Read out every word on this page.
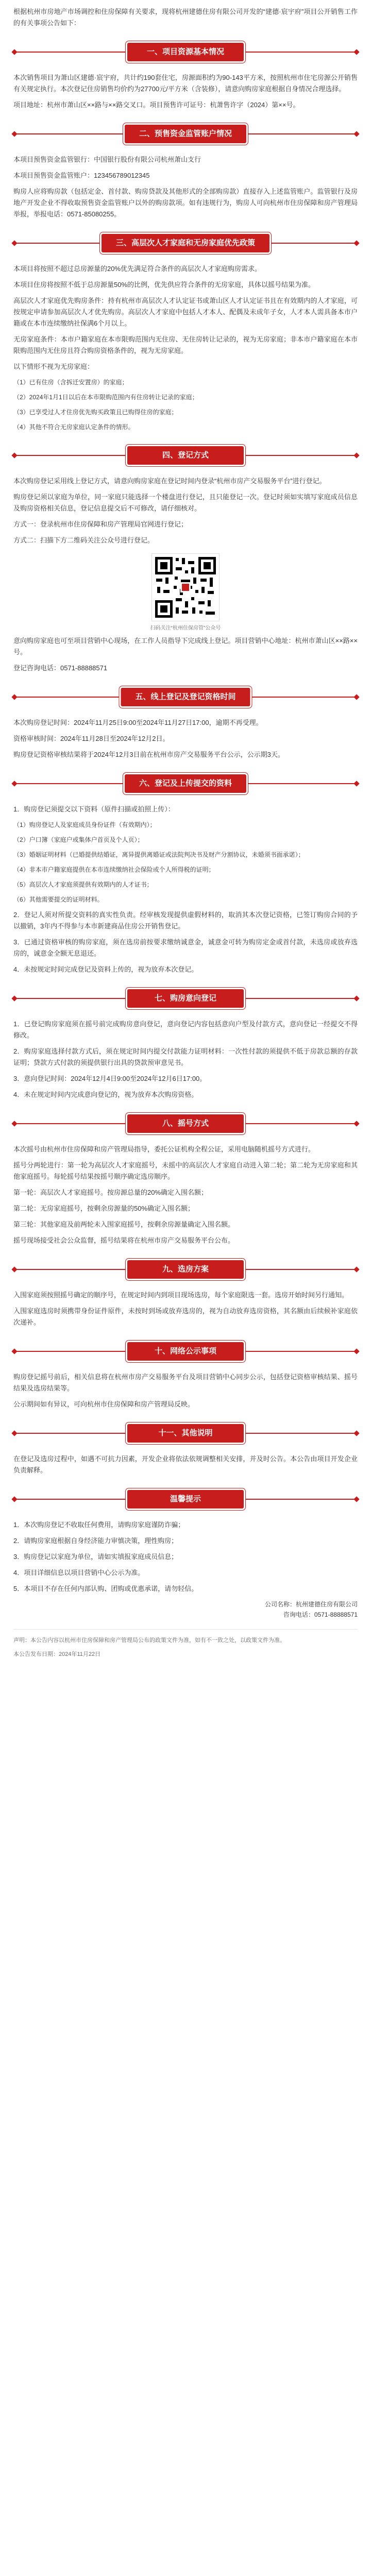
根据杭州市房地产市场调控和住房保障有关要求，现将杭州建德住房有限公司开发的“建德·宸宇府”项目公开销售工作的有关事项公告如下：

一、项目资源基本情况

本次销售项目为萧山区建德·宸宇府，共计约190套住宅，房源面积约为90-143平方米，按照杭州市住宅房源公开销售有关规定执行。本次登记住房销售均价约为27700元/平方米（含装修），请意向购房家庭根据自身情况合理选择。

项目地址：杭州市萧山区××路与××路交叉口。项目预售许可证号：杭萧售许字（2024）第××号。

二、预售资金监管账户情况

本项目预售资金监管银行：中国银行股份有限公司杭州萧山支行

本项目预售资金监管账户：123456789012345

购房人应将购房款（包括定金、首付款、购房贷款及其他形式的全部购房款）直接存入上述监管账户。监管银行及房地产开发企业不得收取预售资金监管账户以外的购房款项。如有违规行为，购房人可向杭州市住房保障和房产管理局举报，举报电话：0571-85080255。

三、高层次人才家庭和无房家庭优先政策

本项目将按照不超过总房源量的20%优先满足符合条件的高层次人才家庭购房需求。

本项目住房将按照不低于总房源量50%的比例，优先供应符合条件的无房家庭，具体以摇号结果为准。

高层次人才家庭优先购房条件：持有杭州市高层次人才认定证书或萧山区人才认定证书且在有效期内的人才家庭，可按规定申请参加高层次人才优先购房。高层次人才家庭中包括人才本人、配偶及未成年子女，人才本人需具备本市户籍或在本市连续缴纳社保满6个月以上。

无房家庭条件：本市户籍家庭在本市限购范围内无住房、无住房转让记录的，视为无房家庭；非本市户籍家庭在本市限购范围内无住房且符合购房资格条件的，视为无房家庭。

以下情形不视为无房家庭：

（1）已有住房（含拆迁安置房）的家庭；

（2）2024年1月1日以后在本市限购范围内有住房转让记录的家庭；

（3）已享受过人才住房优先购买政策且已购得住房的家庭；

（4）其他不符合无房家庭认定条件的情形。

四、登记方式

本次购房登记采用线上登记方式，请意向购房家庭在登记时间内登录“杭州市房产交易服务平台”进行登记。

购房登记须以家庭为单位，同一家庭只能选择一个楼盘进行登记，且只能登记一次。登记时须如实填写家庭成员信息及购房资格相关信息，登记信息提交后不可修改，请仔细核对。

方式一：登录杭州市住房保障和房产管理局官网进行登记；

方式二：扫描下方二维码关注公众号进行登记。

扫码关注“杭州住保房管”公众号

意向购房家庭也可至项目营销中心现场，在工作人员指导下完成线上登记。项目营销中心地址：杭州市萧山区××路××号。

登记咨询电话：0571-88888571

五、线上登记及登记资格时间

本次购房登记时间：2024年11月25日9:00至2024年11月27日17:00，逾期不再受理。

资格审核时间：2024年11月28日至2024年12月2日。

购房登记资格审核结果将于2024年12月3日前在杭州市房产交易服务平台公示，公示期3天。

六、登记及上传提交的资料

1．购房登记须提交以下资料（原件扫描或拍照上传）：

（1）购房登记人及家庭成员身份证件（有效期内）；

（2）户口簿（家庭户或集体户首页及个人页）；

（3）婚姻证明材料（已婚提供结婚证，离异提供离婚证或法院判决书及财产分割协议，未婚须书面承诺）；

（4）非本市户籍家庭提供在本市连续缴纳社会保险或个人所得税的证明；

（5）高层次人才家庭须提供有效期内的人才证书；

（6）其他需要提交的证明材料。

2．登记人须对所提交资料的真实性负责。经审核发现提供虚假材料的，取消其本次登记资格，已签订购房合同的予以撤销，3年内不得参与本市新建商品住房公开销售登记。

3．已通过资格审核的购房家庭，须在选房前按要求缴纳诚意金，诚意金可转为购房定金或首付款，未选房或放弃选房的，诚意金全额无息退还。

4．未按规定时间完成登记及资料上传的，视为放弃本次登记。

七、购房意向登记

1．已登记购房家庭须在摇号前完成购房意向登记，意向登记内容包括意向户型及付款方式，意向登记一经提交不得修改。

2．购房家庭选择付款方式后，须在规定时间内提交付款能力证明材料：一次性付款的须提供不低于房款总额的存款证明；贷款方式付款的须提供银行出具的贷款预审意见书。

3．意向登记时间：2024年12月4日9:00至2024年12月6日17:00。

4．未在规定时间内完成意向登记的，视为放弃本次购房资格。

八、摇号方式

本次摇号由杭州市住房保障和房产管理局指导，委托公证机构全程公证，采用电脑随机摇号方式进行。

摇号分两轮进行：第一轮为高层次人才家庭摇号，未摇中的高层次人才家庭自动进入第二轮；第二轮为无房家庭和其他家庭摇号。每轮摇号结果按摇号顺序确定选房顺序。

第一轮：高层次人才家庭摇号。按房源总量的20%确定入围名额；

第二轮：无房家庭摇号，按剩余房源量的50%确定入围名额；

第三轮：其他家庭及前两轮未入围家庭摇号，按剩余房源量确定入围名额。

摇号现场接受社会公众监督，摇号结果将在杭州市房产交易服务平台公布。

九、选房方案

入围家庭须按照摇号确定的顺序号，在规定时间内到项目现场选房，每个家庭限选一套。选房开始时间另行通知。

入围家庭选房时须携带身份证件原件，未按时到场或放弃选房的，视为自动放弃选房资格，其名额由后续候补家庭依次递补。

十、网络公示事项

购房登记摇号前后，相关信息将在杭州市房产交易服务平台及项目营销中心同步公示，包括登记资格审核结果、摇号结果及选房结果等。

公示期间如有异议，可向杭州市住房保障和房产管理局反映。

十一、其他说明

在登记及选房过程中，如遇不可抗力因素，开发企业将依法依规调整相关安排，并及时公告。本公告由项目开发企业负责解释。

温馨提示

1．本次购房登记不收取任何费用，请购房家庭谨防诈骗；

2．请购房家庭根据自身经济能力审慎决策，理性购房；

3．购房登记以家庭为单位，请如实填报家庭成员信息；

4．项目详细信息以项目营销中心公示为准。

5．本项目不存在任何内部认购、团购或优惠承诺，请勿轻信。

公司名称：杭州建德住房有限公司
咨询电话：0571-88888571

声明：本公告内容以杭州市住房保障和房产管理局公布的政策文件为准，如有不一致之处，以政策文件为准。

本公告发布日期：2024年11月22日
